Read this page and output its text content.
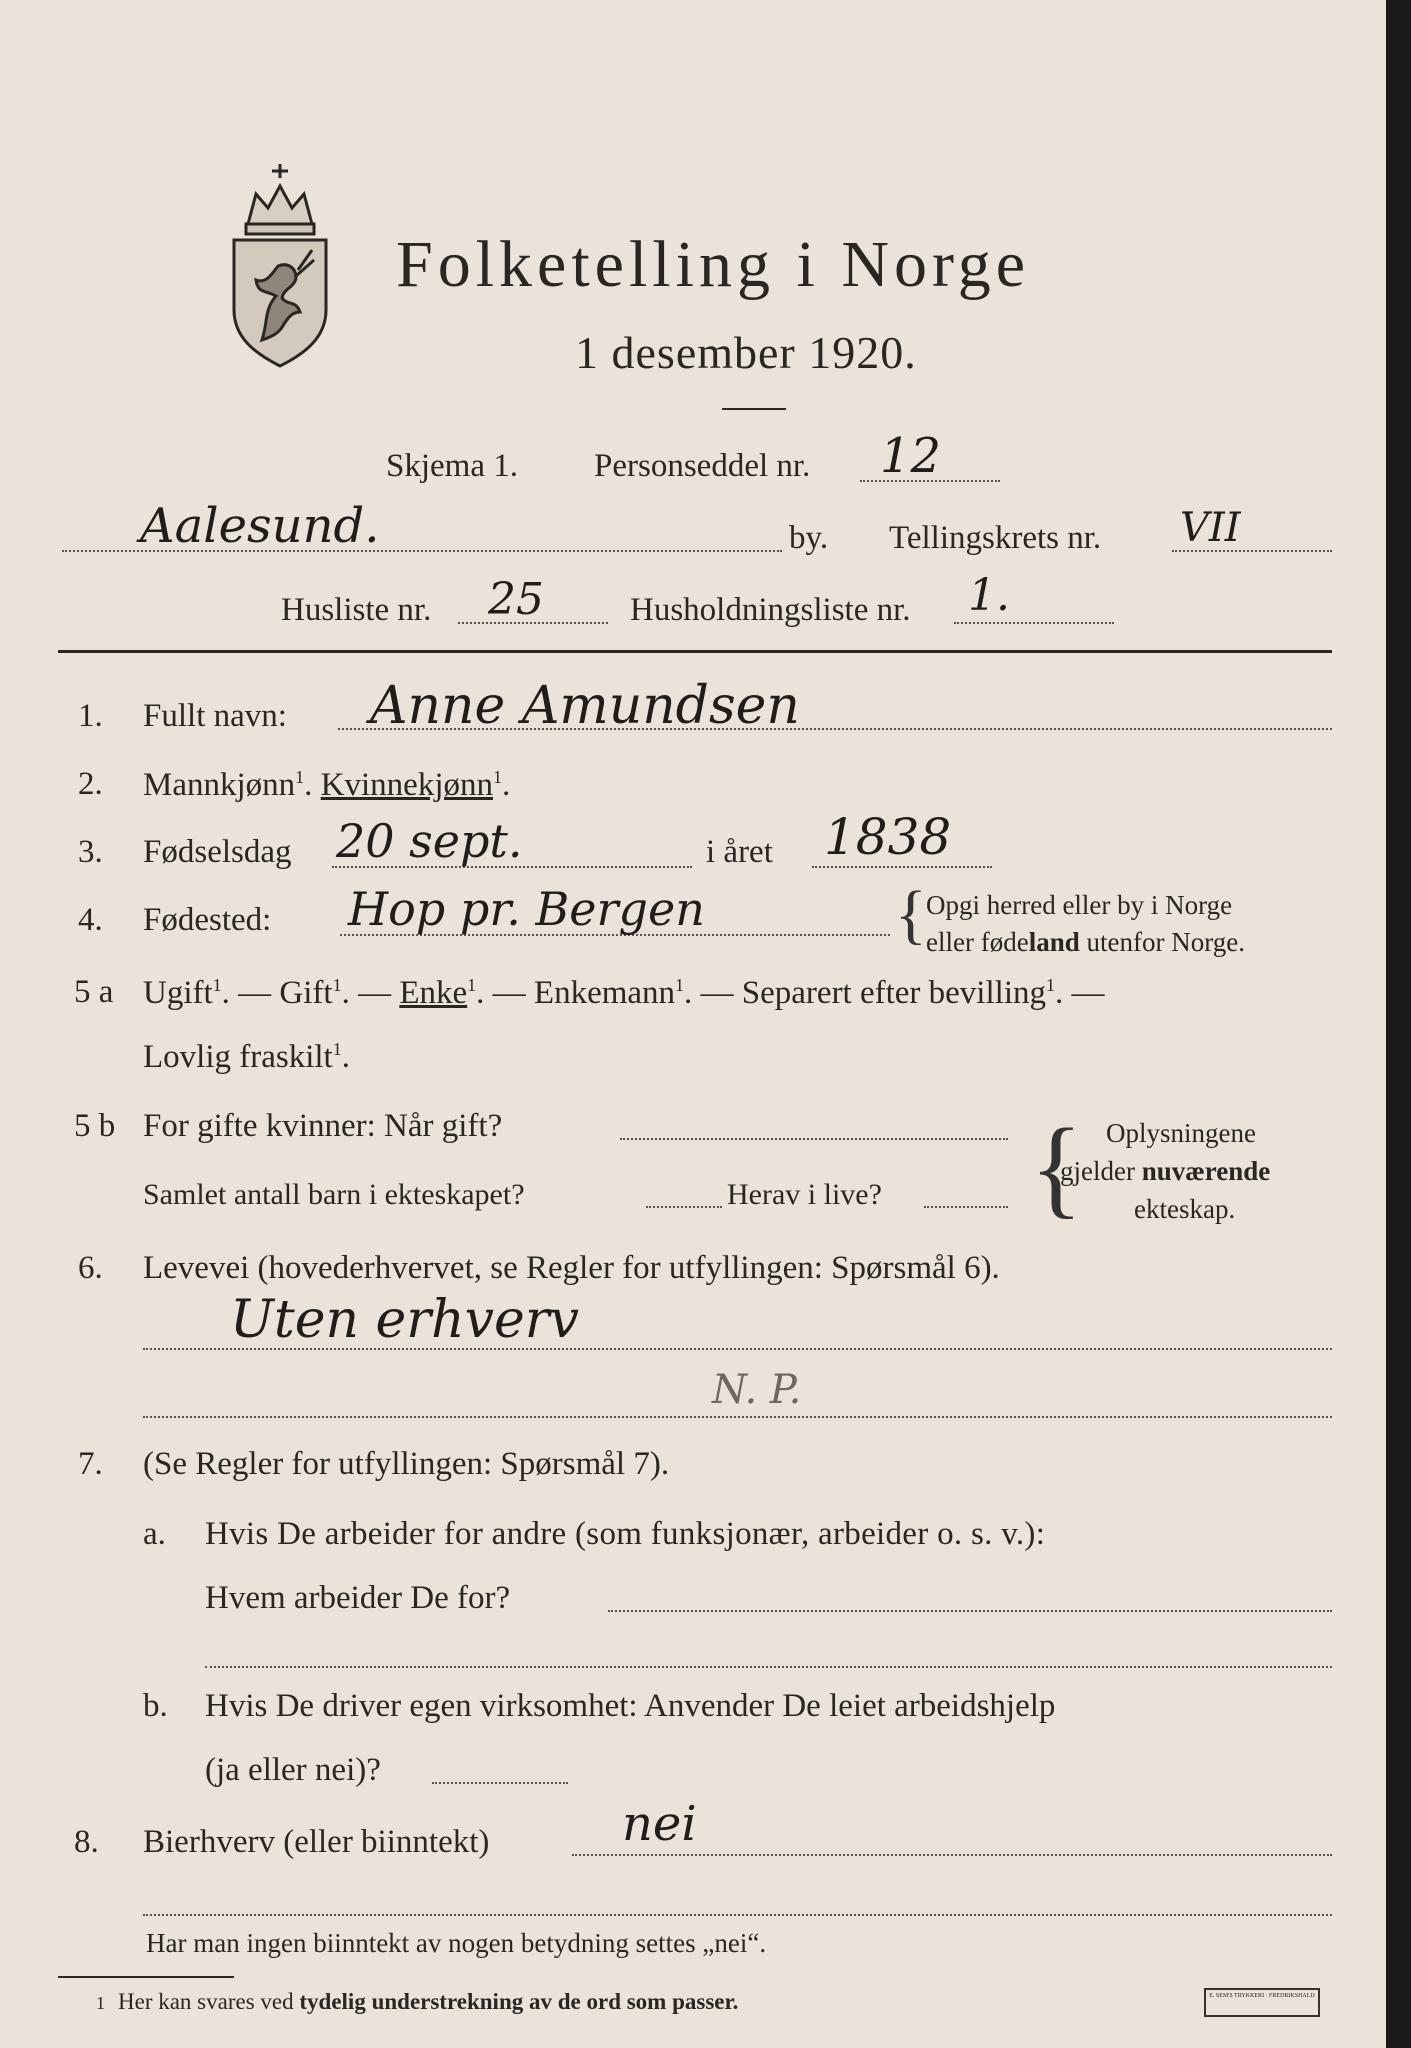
Folketelling i Norge
1 desember 1920.
Skjema 1. Personseddel nr. 12
Aalesund.	by. Tellingskrets nr. VII
Husliste nr. 25	Husholdningsliste nr. 1.
1. Fullt navn: Anne Amundsen
2. Mannkjønn$^1$. Kvinnekjønn$^1$.
3. Fødselsdag 20 sept.	i året 1838
4. Fødested: Hop pr. Bergen	{ Opgi herred eller by i Norge
eller fødeland utenfor Norge.
5 a Ugift$^1$. — Gift$^1$. — Enke$^1$. — Enkemann$^1$. — Separert efter bevilling$^1$. —
Lovlig fraskilt$^1$.
5 b For gifte kvinner: Når gift?
Samlet antall barn i ekteskapet?	Herav i live? { Oplysningene
gjelder nuværende
ekteskap.
6. Levevei (hovederhvervet, se Regler for utfyllingen: Spørsmål 6).
Uten erhverv
N. P.
7. (Se Regler for utfyllingen: Spørsmål 7).
a. Hvis De arbeider for andre (som funksjonær, arbeider o. s. v.):
Hvem arbeider De for?
b. Hvis De driver egen virksomhet: Anvender De leiet arbeidshjelp
(ja eller nei)?
8. Bierhverv (eller biinntekt)	nei
Har man ingen biinntekt av nogen betydning settes „nei“.
1 Her kan svares ved tydelig understrekning av de ord som passer.	E. SEM'S TRYKKERI · FREDRIKSHALD
